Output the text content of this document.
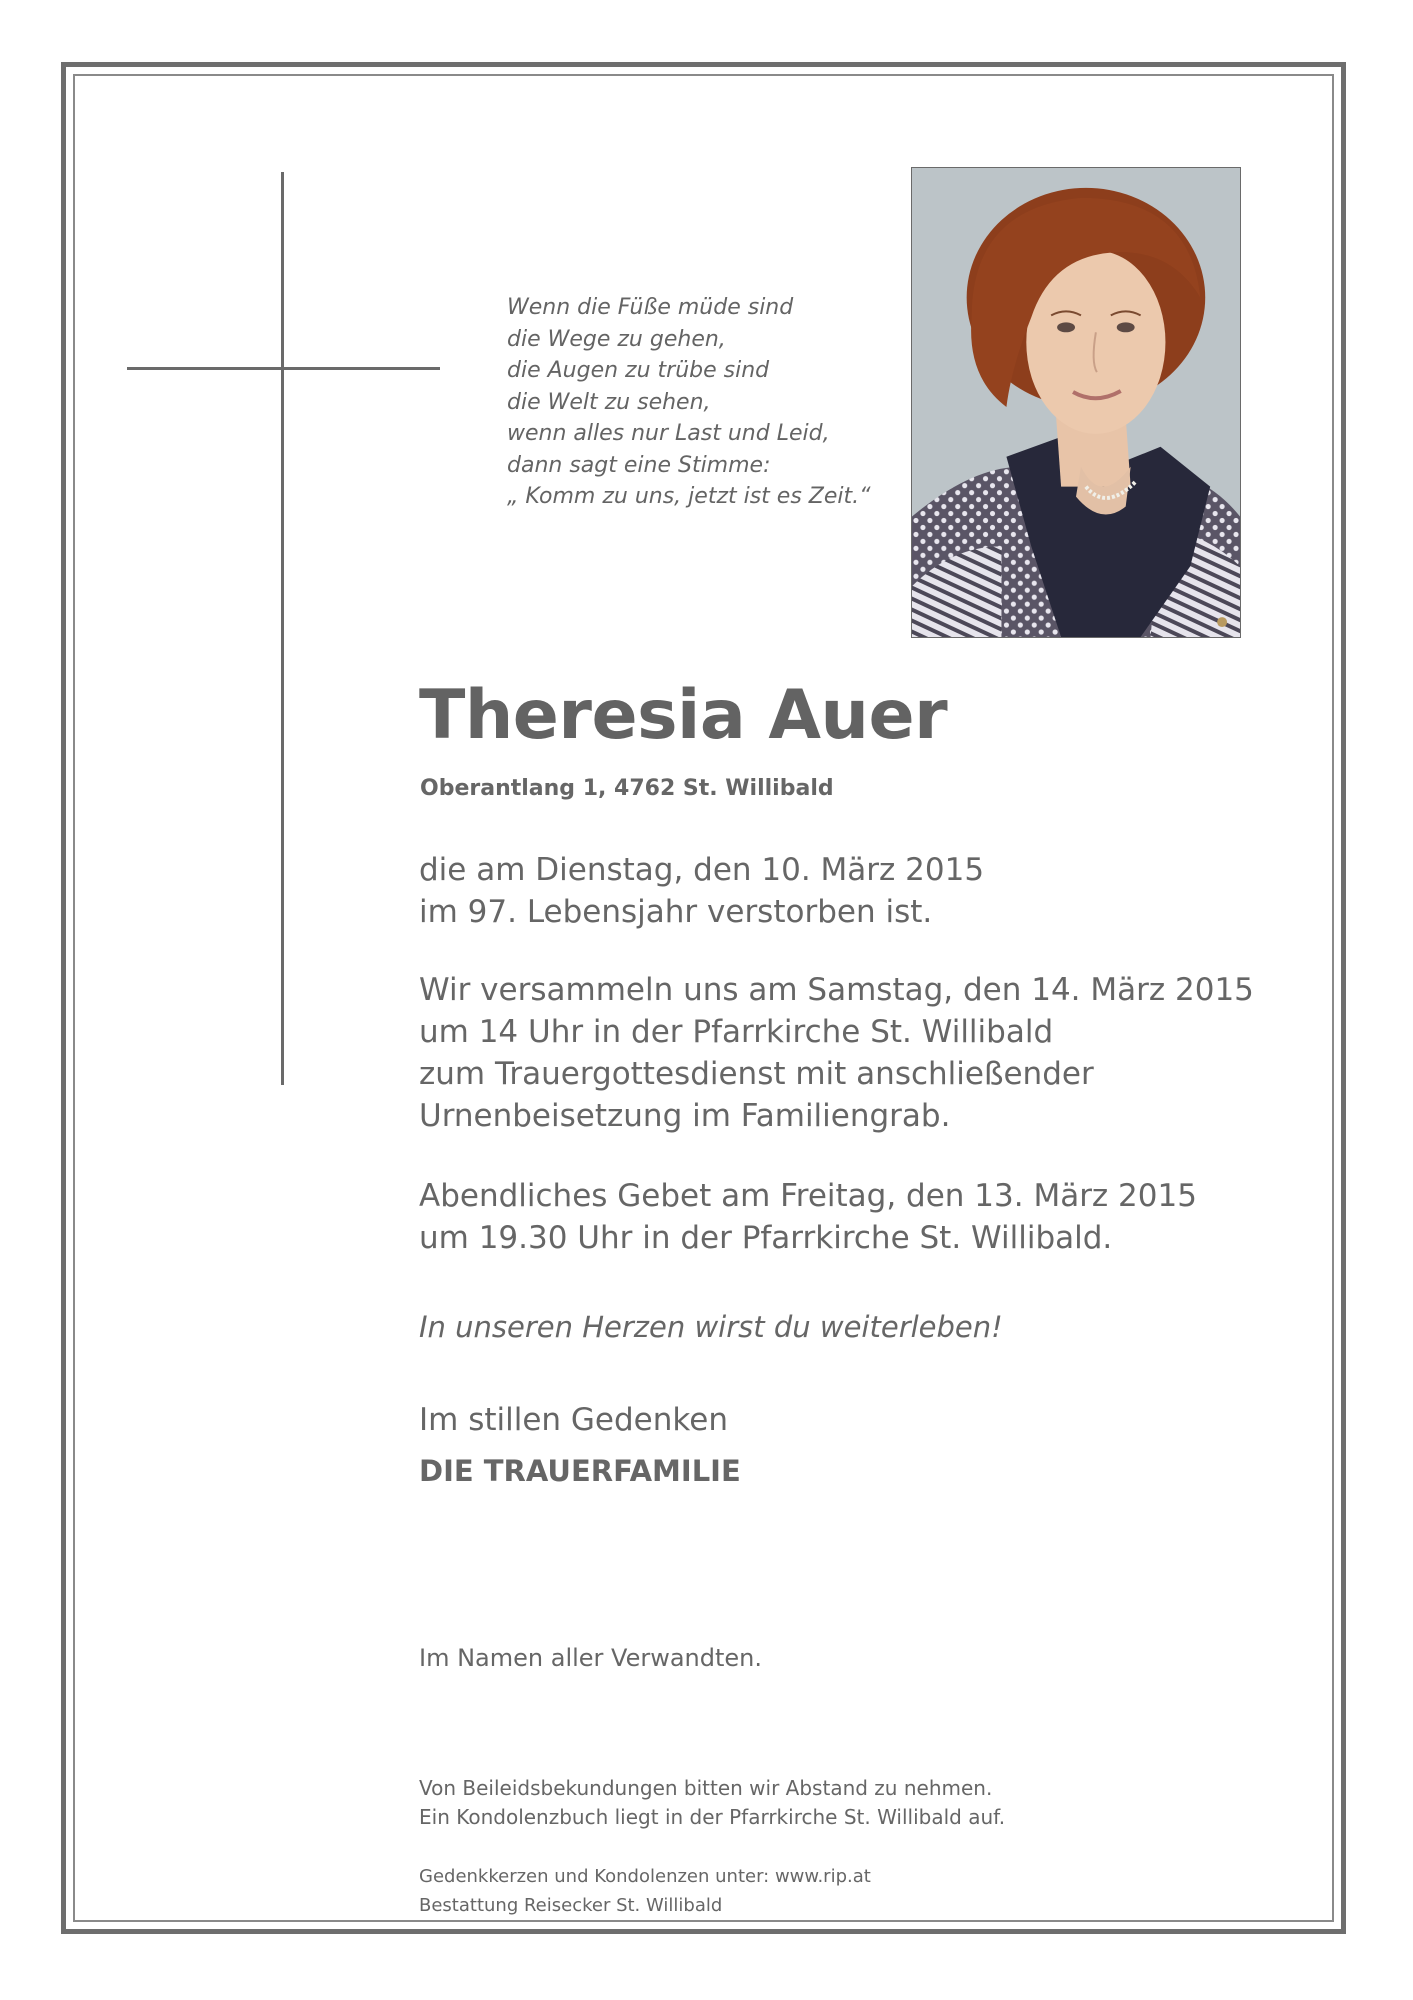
Wenn die Füße müde sind
die Wege zu gehen,
die Augen zu trübe sind
die Welt zu sehen,
wenn alles nur Last und Leid,
dann sagt eine Stimme:
„ Komm zu uns, jetzt ist es Zeit.“
Theresia Auer
Oberantlang 1, 4762 St. Willibald
die am Dienstag, den 10. März 2015
im 97. Lebensjahr verstorben ist.
Wir versammeln uns am Samstag, den 14. März 2015
um 14 Uhr in der Pfarrkirche St. Willibald
zum Trauergottesdienst mit anschließender
Urnenbeisetzung im Familiengrab.
Abendliches Gebet am Freitag, den 13. März 2015
um 19.30 Uhr in der Pfarrkirche St. Willibald.
In unseren Herzen wirst du weiterleben!
Im stillen Gedenken
DIE TRAUERFAMILIE
Im Namen aller Verwandten.
Von Beileidsbekundungen bitten wir Abstand zu nehmen.
Ein Kondolenzbuch liegt in der Pfarrkirche St. Willibald auf.
Gedenkkerzen und Kondolenzen unter: www.rip.at
Bestattung Reisecker St. Willibald
